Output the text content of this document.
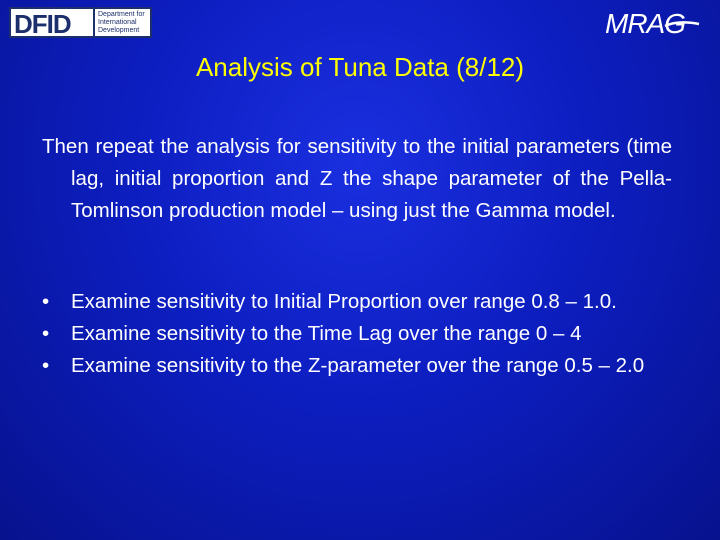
DFID	Department for International Development	MRAG
Analysis of Tuna Data (8/12)
Then repeat the analysis for sensitivity to the initial parameters (time lag, initial proportion and Z the shape parameter of the Pella-Tomlinson production model – using just the Gamma model.
•	Examine sensitivity to Initial Proportion over range 0.8 – 1.0.
•	Examine sensitivity to the Time Lag over the range 0 – 4
•	Examine sensitivity to the Z-parameter over the range 0.5 – 2.0
